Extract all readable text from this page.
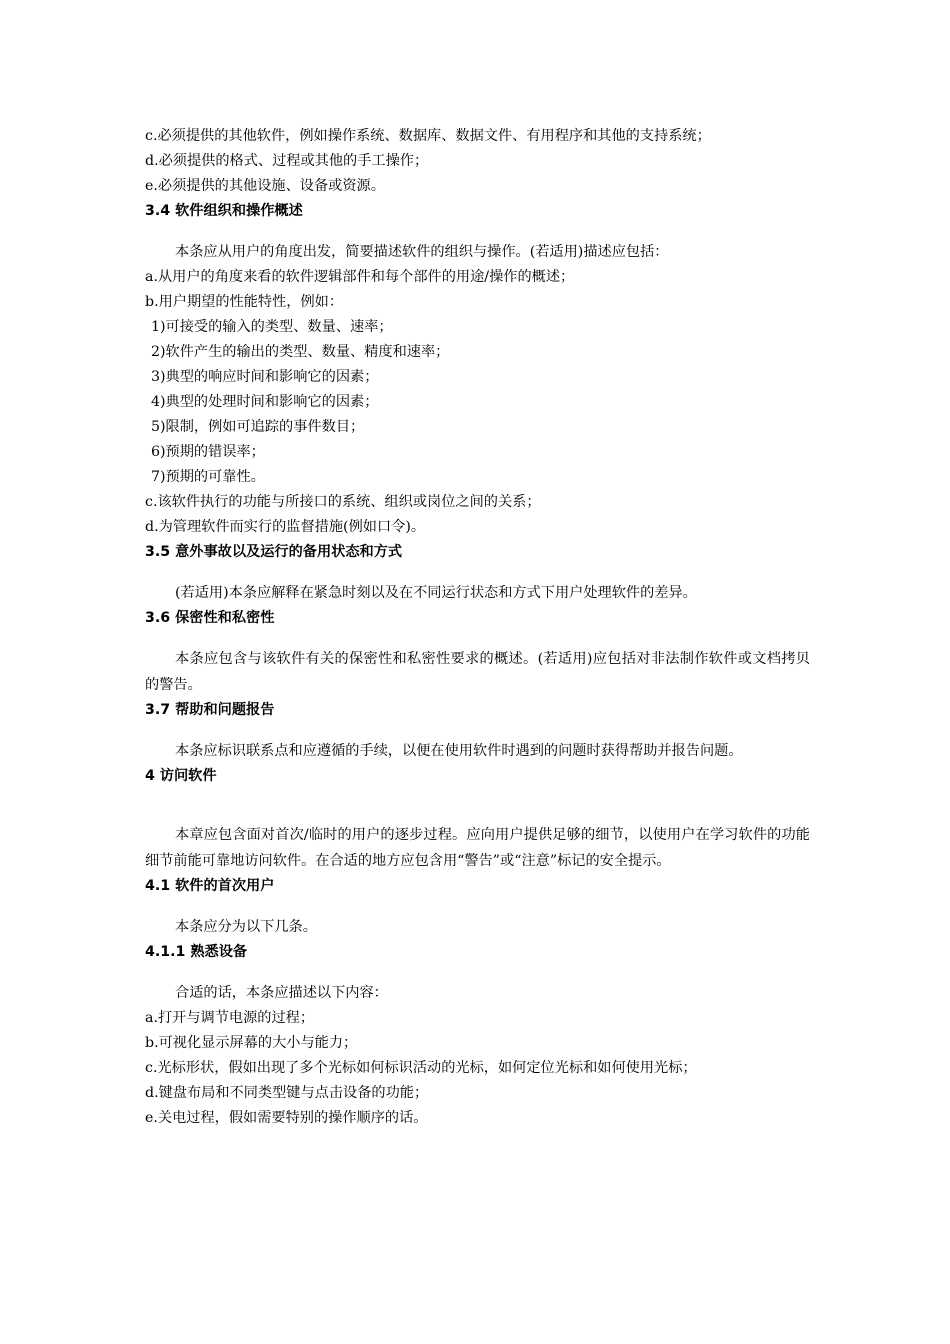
c.必须提供的其他软件，例如操作系统、数据库、数据文件、有用程序和其他的支持系统；
d.必须提供的格式、过程或其他的手工操作；
e.必须提供的其他设施、设备或资源。
3.4 软件组织和操作概述

本条应从用户的角度出发，简要描述软件的组织与操作。(若适用)描述应包括：

a.从用户的角度来看的软件逻辑部件和每个部件的用途/操作的概述；
b.用户期望的性能特性，例如：
1)可接受的输入的类型、数量、速率；
2)软件产生的输出的类型、数量、精度和速率；
3)典型的响应时间和影响它的因素；
4)典型的处理时间和影响它的因素；
5)限制，例如可追踪的事件数目；
6)预期的错误率；
7)预期的可靠性。
c.该软件执行的功能与所接口的系统、组织或岗位之间的关系；
d.为管理软件而实行的监督措施(例如口令)。
3.5 意外事故以及运行的备用状态和方式

(若适用)本条应解释在紧急时刻以及在不同运行状态和方式下用户处理软件的差异。

3.6 保密性和私密性

本条应包含与该软件有关的保密性和私密性要求的概述。(若适用)应包括对非法制作软件或文档拷贝的警告。

3.7 帮助和问题报告

本条应标识联系点和应遵循的手续，以便在使用软件时遇到的问题时获得帮助并报告问题。

4 访问软件

本章应包含面对首次/临时的用户的逐步过程。应向用户提供足够的细节，以使用户在学习软件的功能细节前能可靠地访问软件。在合适的地方应包含用“警告”或“注意”标记的安全提示。

4.1 软件的首次用户

本条应分为以下几条。

4.1.1 熟悉设备

合适的话，本条应描述以下内容：

a.打开与调节电源的过程；
b.可视化显示屏幕的大小与能力；
c.光标形状，假如出现了多个光标如何标识活动的光标，如何定位光标和如何使用光标；
d.键盘布局和不同类型键与点击设备的功能；
e.关电过程，假如需要特别的操作顺序的话。
